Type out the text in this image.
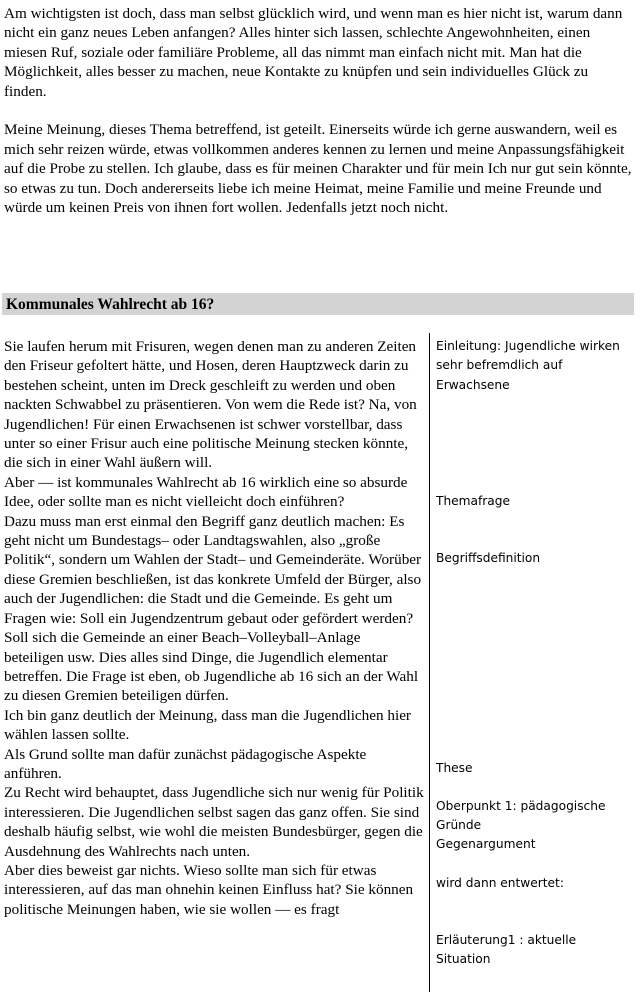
Am wichtigsten ist doch, dass man selbst glücklich wird, und wenn man es hier nicht ist, warum dann nicht ein ganz neues Leben anfangen? Alles hinter sich lassen, schlechte Angewohnheiten, einen miesen Ruf, soziale oder familiäre Probleme, all das nimmt man einfach nicht mit. Man hat die Möglichkeit, alles besser zu machen, neue Kontakte zu knüpfen und sein individuelles Glück zu finden.

Meine Meinung, dieses Thema betreffend, ist geteilt. Einerseits würde ich gerne auswandern, weil es mich sehr reizen würde, etwas vollkommen anderes kennen zu lernen und meine Anpassungsfähigkeit auf die Probe zu stellen. Ich glaube, dass es für meinen Charakter und für mein Ich nur gut sein könnte, so etwas zu tun. Doch andererseits liebe ich meine Heimat, meine Familie und meine Freunde und würde um keinen Preis von ihnen fort wollen. Jedenfalls jetzt noch nicht.

Kommunales Wahlrecht ab 16?

Sie laufen herum mit Frisuren, wegen denen man zu anderen Zeiten den Friseur gefoltert hätte, und Hosen, deren Hauptzweck darin zu bestehen scheint, unten im Dreck geschleift zu werden und oben nackten Schwabbel zu präsentieren. Von wem die Rede ist? Na, von Jugendlichen! Für einen Erwachsenen ist schwer vorstellbar, dass unter so einer Frisur auch eine politische Meinung stecken könnte, die sich in einer Wahl äußern will.

Aber — ist kommunales Wahlrecht ab 16 wirklich eine so absurde Idee, oder sollte man es nicht vielleicht doch einführen?

Dazu muss man erst einmal den Begriff ganz deutlich machen: Es geht nicht um Bundestags– oder Landtagswahlen, also „große Politik“, sondern um Wahlen der Stadt– und Gemeinderäte. Worüber diese Gremien beschließen, ist das konkrete Umfeld der Bürger, also auch der Jugendlichen: die Stadt und die Gemeinde. Es geht um Fragen wie: Soll ein Jugendzentrum gebaut oder gefördert werden? Soll sich die Gemeinde an einer Beach–Volleyball–Anlage beteiligen usw. Dies alles sind Dinge, die Jugendlich elementar betreffen. Die Frage ist eben, ob Jugendliche ab 16 sich an der Wahl zu diesen Gremien beteiligen dürfen.

Ich bin ganz deutlich der Meinung, dass man die Jugendlichen hier wählen lassen sollte.

Als Grund sollte man dafür zunächst pädagogische Aspekte anführen.

Zu Recht wird behauptet, dass Jugendliche sich nur wenig für Politik interessieren. Die Jugendlichen selbst sagen das ganz offen. Sie sind deshalb häufig selbst, wie wohl die meisten Bundesbürger, gegen die Ausdehnung des Wahlrechts nach unten.

Aber dies beweist gar nichts. Wieso sollte man sich für etwas interessieren, auf das man ohnehin keinen Einfluss hat? Sie können politische Meinungen haben, wie sie wollen — es fragt

Einleitung: Jugendliche wirken sehr befremdlich auf Erwachsene

Themafrage

Begriffsdefinition

These

Oberpunkt 1: pädagogische Gründe

Gegenargument

wird dann entwertet:

Erläuterung1 : aktuelle Situation
